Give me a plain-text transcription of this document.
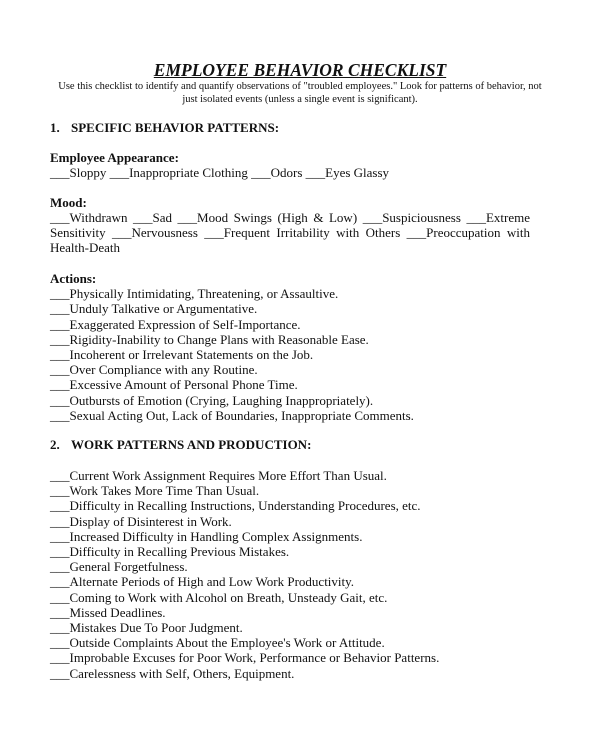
EMPLOYEE BEHAVIOR CHECKLIST
Use this checklist to identify and quantify observations of "troubled employees." Look for patterns of behavior, not just isolated events (unless a single event is significant).
1. SPECIFIC BEHAVIOR PATTERNS:
Employee Appearance:
___Sloppy ___Inappropriate Clothing ___Odors ___Eyes Glassy
Mood:
___Withdrawn ___Sad ___Mood Swings (High & Low) ___Suspiciousness ___Extreme Sensitivity ___Nervousness ___Frequent Irritability with Others ___Preoccupation with Health-Death
Actions:
___Physically Intimidating, Threatening, or Assaultive.
___Unduly Talkative or Argumentative.
___Exaggerated Expression of Self-Importance.
___Rigidity-Inability to Change Plans with Reasonable Ease.
___Incoherent or Irrelevant Statements on the Job.
___Over Compliance with any Routine.
___Excessive Amount of Personal Phone Time.
___Outbursts of Emotion (Crying, Laughing Inappropriately).
___Sexual Acting Out, Lack of Boundaries, Inappropriate Comments.
2. WORK PATTERNS AND PRODUCTION:
___Current Work Assignment Requires More Effort Than Usual.
___Work Takes More Time Than Usual.
___Difficulty in Recalling Instructions, Understanding Procedures, etc.
___Display of Disinterest in Work.
___Increased Difficulty in Handling Complex Assignments.
___Difficulty in Recalling Previous Mistakes.
___General Forgetfulness.
___Alternate Periods of High and Low Work Productivity.
___Coming to Work with Alcohol on Breath, Unsteady Gait, etc.
___Missed Deadlines.
___Mistakes Due To Poor Judgment.
___Outside Complaints About the Employee's Work or Attitude.
___Improbable Excuses for Poor Work, Performance or Behavior Patterns.
___Carelessness with Self, Others, Equipment.
